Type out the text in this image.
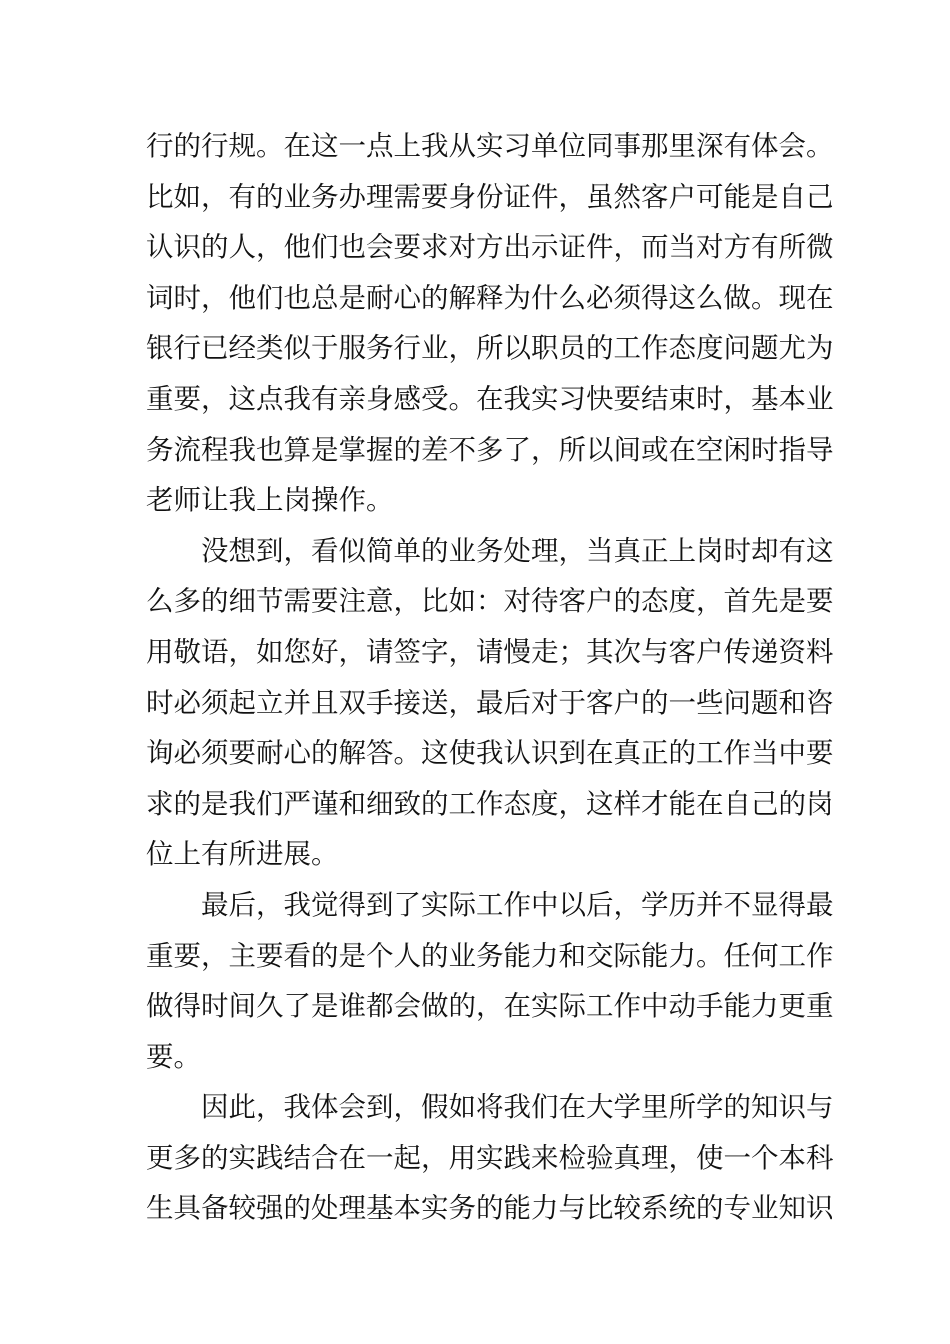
行的行规。在这一点上我从实习单位同事那里深有体会。
比如，有的业务办理需要身份证件，虽然客户可能是自己
认识的人，他们也会要求对方出示证件，而当对方有所微
词时，他们也总是耐心的解释为什么必须得这么做。现在
银行已经类似于服务行业，所以职员的工作态度问题尤为
重要，这点我有亲身感受。在我实习快要结束时，基本业
务流程我也算是掌握的差不多了，所以间或在空闲时指导
老师让我上岗操作。
没想到，看似简单的业务处理，当真正上岗时却有这
么多的细节需要注意，比如：对待客户的态度，首先是要
用敬语，如您好，请签字，请慢走；其次与客户传递资料
时必须起立并且双手接送，最后对于客户的一些问题和咨
询必须要耐心的解答。这使我认识到在真正的工作当中要
求的是我们严谨和细致的工作态度，这样才能在自己的岗
位上有所进展。
最后，我觉得到了实际工作中以后，学历并不显得最
重要，主要看的是个人的业务能力和交际能力。任何工作
做得时间久了是谁都会做的，在实际工作中动手能力更重
要。
因此，我体会到，假如将我们在大学里所学的知识与
更多的实践结合在一起，用实践来检验真理，使一个本科
生具备较强的处理基本实务的能力与比较系统的专业知识
